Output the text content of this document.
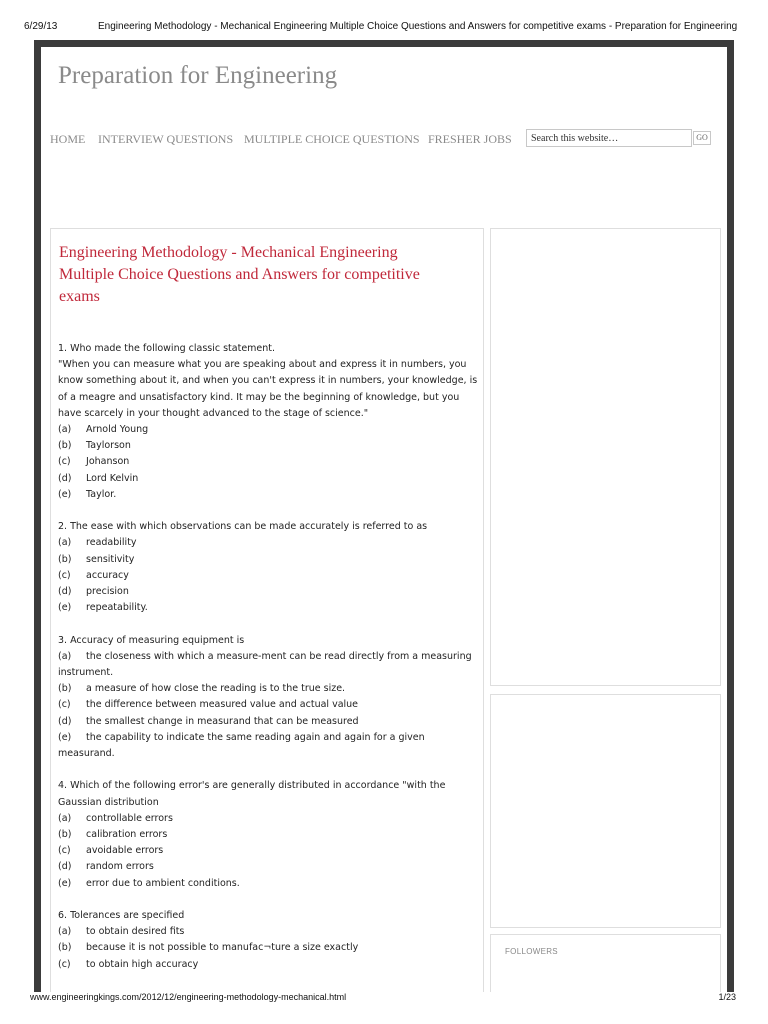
6/29/13	Engineering Methodology - Mechanical Engineering Multiple Choice Questions and Answers for competitive exams - Preparation for Engineering
Preparation for Engineering
HOME INTERVIEW QUESTIONS MULTIPLE CHOICE QUESTIONS FRESHER JOBS
Search this website…	GO
Engineering Methodology - Mechanical Engineering Multiple Choice Questions and Answers for competitive exams
1. Who made the following classic statement.
"When you can measure what you are speaking about and express it in numbers, you know something about it, and when you can't express it in numbers, your knowledge, is of a meagre and unsatisfactory kind. It may be the beginning of knowledge, but you have scarcely in your thought advanced to the stage of science."
(a) Arnold Young
(b) Taylorson
(c) Johanson
(d) Lord Kelvin
(e) Taylor.
2. The ease with which observations can be made accurately is referred to as
(a) readability
(b) sensitivity
(c) accuracy
(d) precision
(e) repeatability.
3. Accuracy of measuring equipment is
(a) the closeness with which a measure-ment can be read directly from a measuring instrument.
(b) a measure of how close the reading is to the true size.
(c) the difference between measured value and actual value
(d) the smallest change in measurand that can be measured
(e) the capability to indicate the same reading again and again for a given measurand.
4. Which of the following error's are generally distributed in accordance "with the Gaussian distribution
(a) controllable errors
(b) calibration errors
(c) avoidable errors
(d) random errors
(e) error due to ambient conditions.
6. Tolerances are specified
(a) to obtain desired fits
(b) because it is not possible to manufac¬ture a size exactly
(c) to obtain high accuracy
FOLLOWERS
www.engineeringkings.com/2012/12/engineering-methodology-mechanical.html	1/23
